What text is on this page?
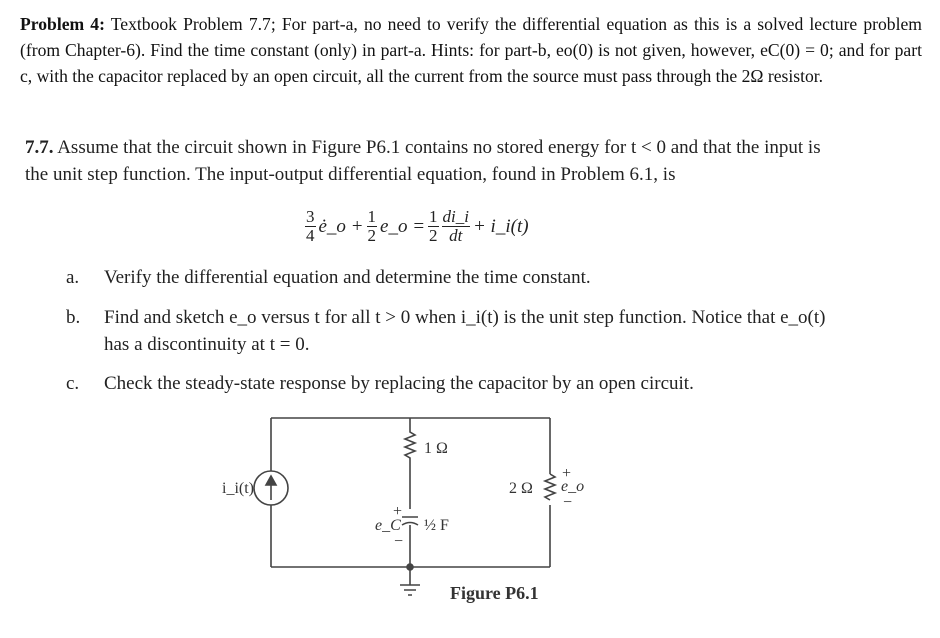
Problem 4: Textbook Problem 7.7; For part-a, no need to verify the differential equation as this is a solved lecture problem (from Chapter-6). Find the time constant (only) in part-a. Hints: for part-b, eo(0) is not given, however, eC(0) = 0; and for part c, with the capacitor replaced by an open circuit, all the current from the source must pass through the 2Ω resistor.
7.7. Assume that the circuit shown in Figure P6.1 contains no stored energy for t < 0 and that the input is the unit step function. The input-output differential equation, found in Problem 6.1, is
$\frac{3}{4}$ ė_o + $\frac{1}{2}$ e_o = $\frac{1}{2} \frac{di\_i}{dt}$ + i_i(t)
a.	Verify the differential equation and determine the time constant.
b.	Find and sketch e_o versus t for all t > 0 when i_i(t) is the unit step function. Notice that e_o(t) has a discontinuity at t = 0.
c.	Check the steady-state response by replacing the capacitor by an open circuit.
i_i(t)
1 Ω
2 Ω
+
e_o
−
+
e_C
−
½ F
Figure P6.1
